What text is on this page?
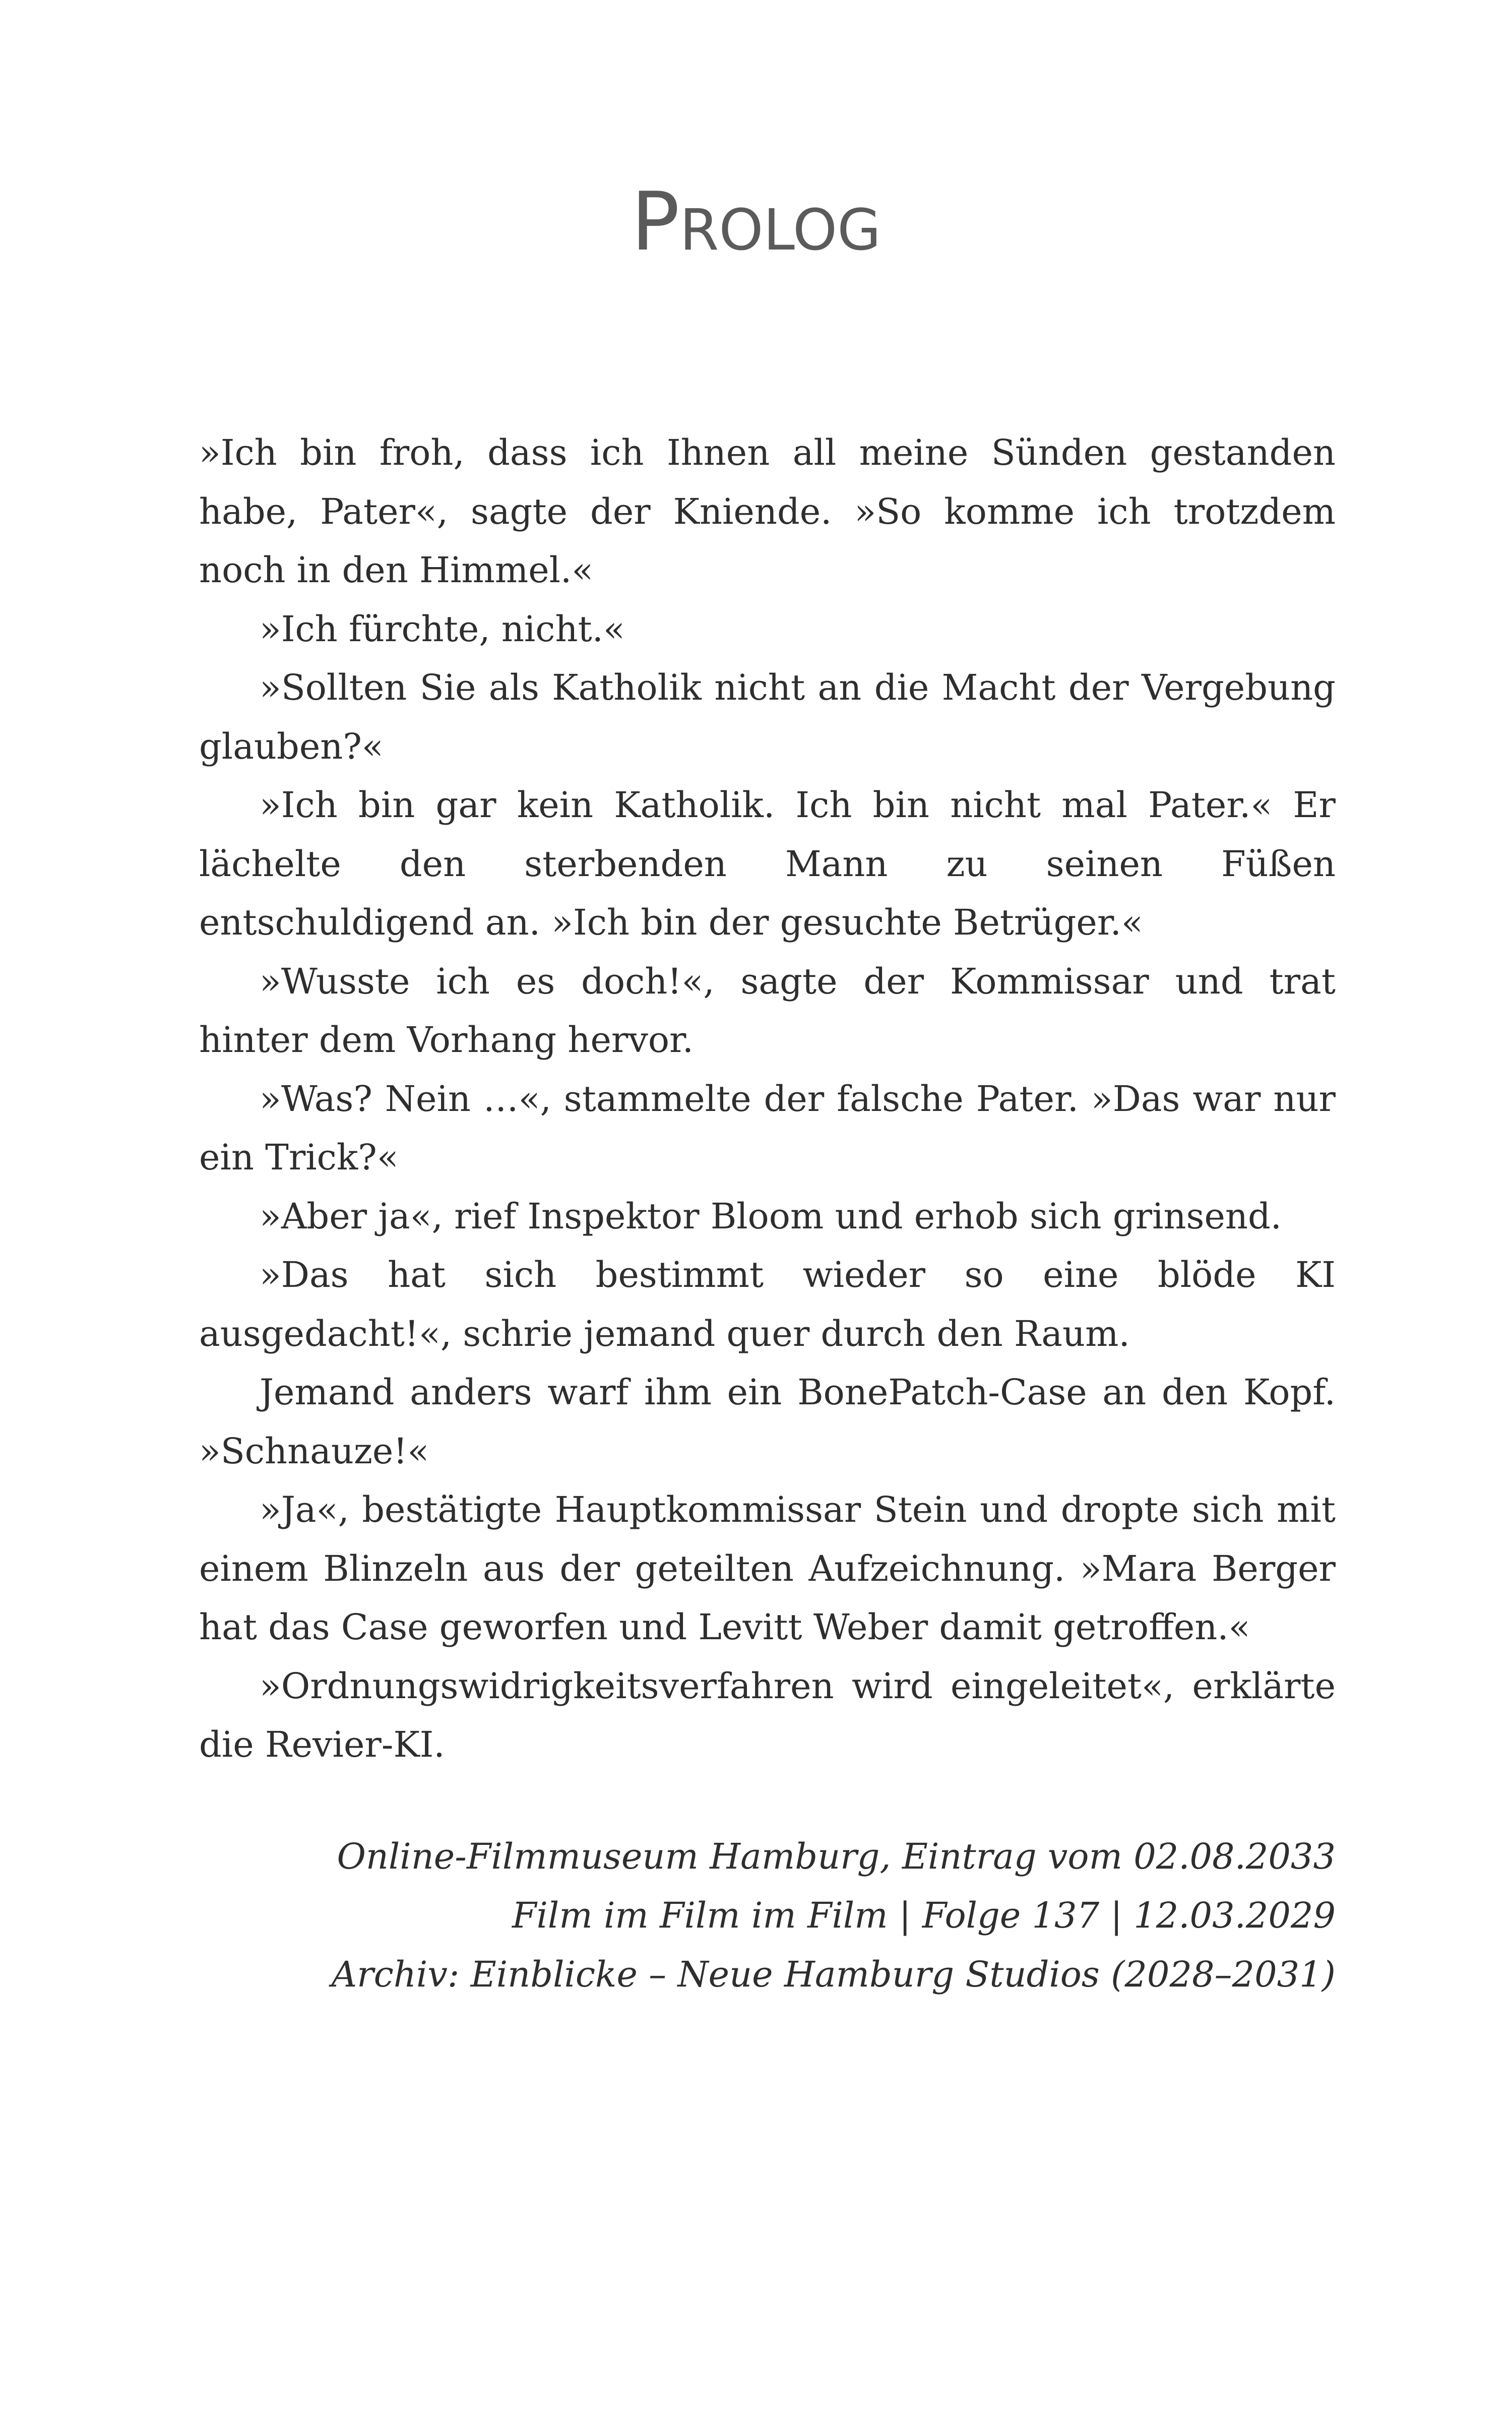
Prolog

»Ich bin froh, dass ich Ihnen all meine Sünden gestanden habe, Pater«, sagte der Kniende. »So komme ich trotzdem noch in den Himmel.«

»Ich fürchte, nicht.«

»Sollten Sie als Katholik nicht an die Macht der Vergebung glauben?«

»Ich bin gar kein Katholik. Ich bin nicht mal Pater.« Er lächelte den sterbenden Mann zu seinen Füßen entschuldigend an. »Ich bin der gesuchte Betrüger.«

»Wusste ich es doch!«, sagte der Kommissar und trat hinter dem Vorhang hervor.

»Was? Nein …«, stammelte der falsche Pater. »Das war nur ein Trick?«

»Aber ja«, rief Inspektor Bloom und erhob sich grinsend.

»Das hat sich bestimmt wieder so eine blöde KI ausgedacht!«, schrie jemand quer durch den Raum.

Jemand anders warf ihm ein BonePatch-Case an den Kopf. »Schnauze!«

»Ja«, bestätigte Hauptkommissar Stein und dropte sich mit einem Blinzeln aus der geteilten Aufzeichnung. »Mara Berger hat das Case geworfen und Levitt Weber damit getroffen.«

»Ordnungswidrigkeitsverfahren wird eingeleitet«, erklärte die Revier-KI.

Online-Filmmuseum Hamburg, Eintrag vom 02.08.2033
Film im Film im Film | Folge 137 | 12.03.2029
Archiv: Einblicke – Neue Hamburg Studios (2028–2031)
